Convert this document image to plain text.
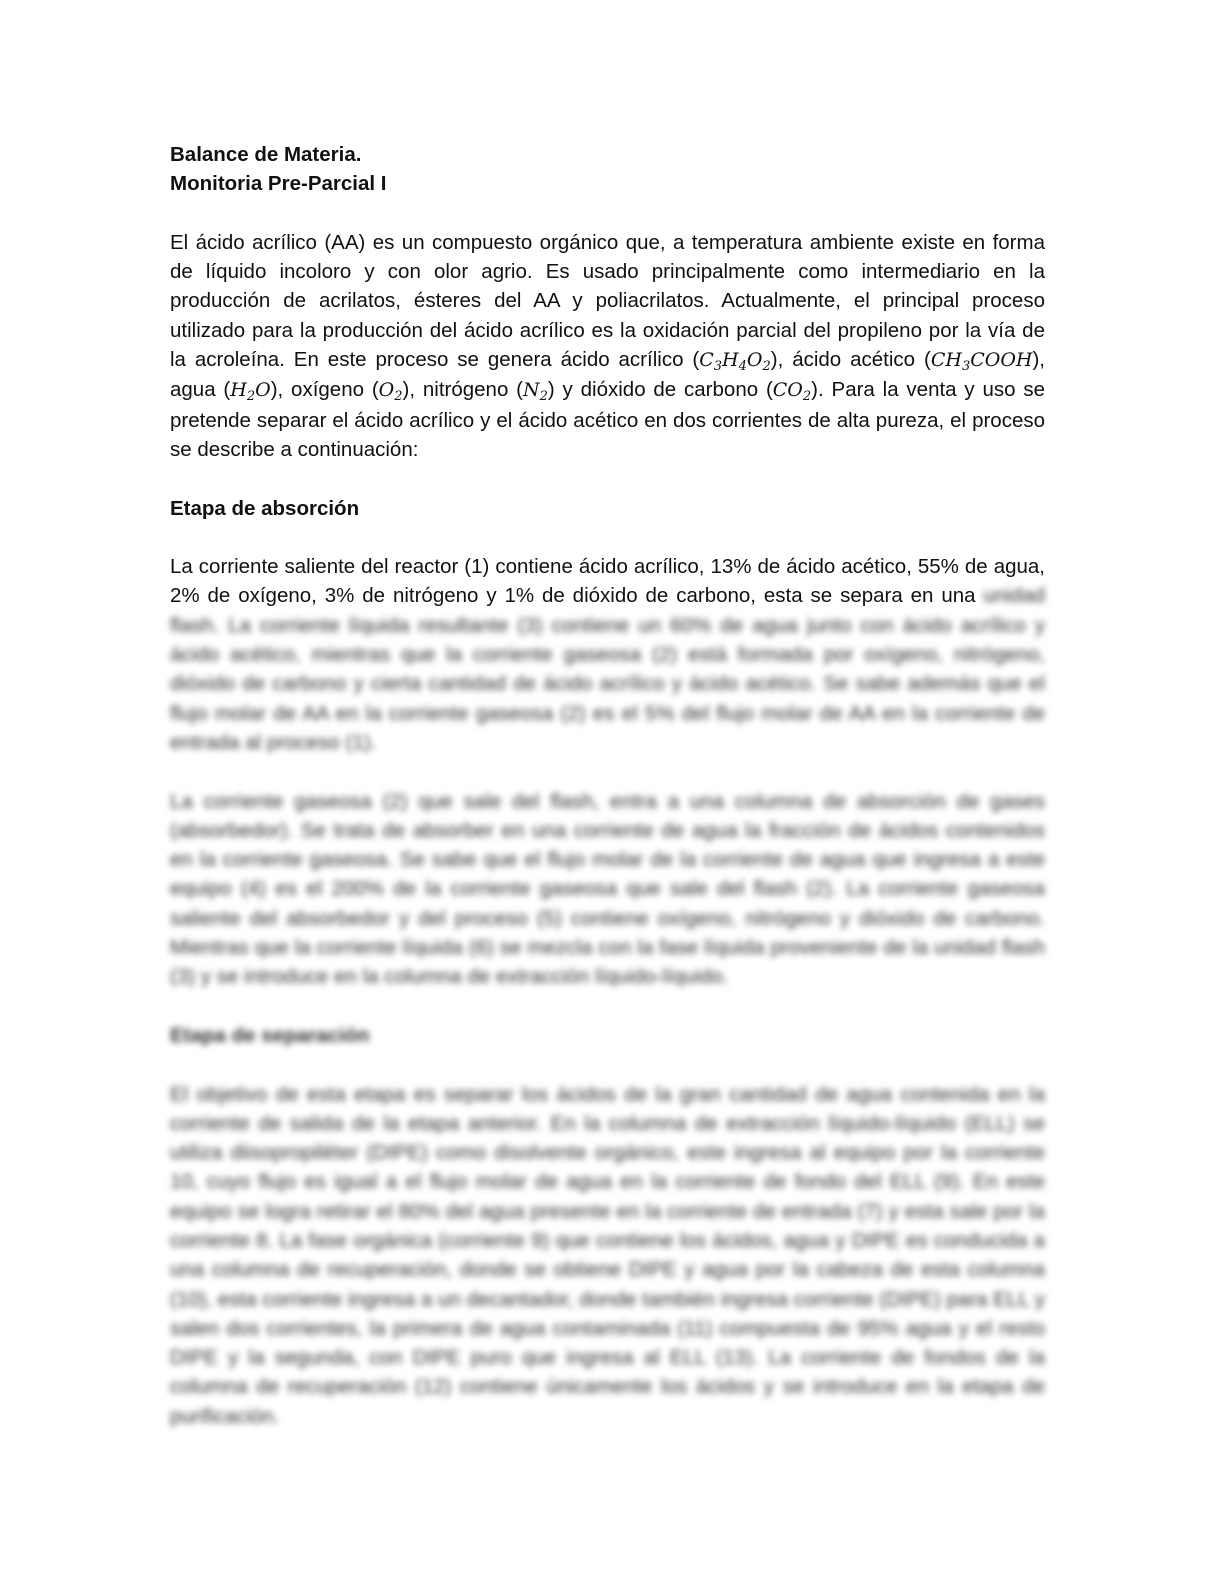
Balance de Materia.
Monitoria Pre-Parcial I

El ácido acrílico (AA) es un compuesto orgánico que, a temperatura ambiente existe en forma de líquido incoloro y con olor agrio. Es usado principalmente como intermediario en la producción de acrilatos, ésteres del AA y poliacrilatos. Actualmente, el principal proceso utilizado para la producción del ácido acrílico es la oxidación parcial del propileno por la vía de la acroleína. En este proceso se genera ácido acrílico $(C_3H_4O_2)$, ácido acético $(CH_3COOH)$, agua $(H_2O)$, oxígeno $(O_2)$, nitrógeno $(N_2)$ y dióxido de carbono $(CO_2)$. Para la venta y uso se pretende separar el ácido acrílico y el ácido acético en dos corrientes de alta pureza, el proceso se describe a continuación:

Etapa de absorción

La corriente saliente del reactor (1) contiene ácido acrílico, 13% de ácido acético, 55% de agua, 2% de oxígeno, 3% de nitrógeno y 1% de dióxido de carbono, esta se separa en una unidad flash. La corriente líquida resultante (3) contiene un 60% de agua junto con ácido acrílico y ácido acético, mientras que la corriente gaseosa (2) está formada por oxígeno, nitrógeno, dióxido de carbono y cierta cantidad de ácido acrílico y ácido acético. Se sabe además que el flujo molar de AA en la corriente gaseosa (2) es el 5% del flujo molar de AA en la corriente de entrada al proceso (1).

La corriente gaseosa (2) que sale del flash, entra a una columna de absorción de gases (absorbedor). Se trata de absorber en una corriente de agua la fracción de ácidos contenidos en la corriente gaseosa. Se sabe que el flujo molar de la corriente de agua que ingresa a este equipo (4) es el 200% de la corriente gaseosa que sale del flash (2). La corriente gaseosa saliente del absorbedor y del proceso (5) contiene oxígeno, nitrógeno y dióxido de carbono. Mientras que la corriente líquida (6) se mezcla con la fase líquida proveniente de la unidad flash (3) y se introduce en la columna de extracción líquido-líquido.

Etapa de separación

El objetivo de esta etapa es separar los ácidos de la gran cantidad de agua contenida en la corriente de salida de la etapa anterior. En la columna de extracción líquido-líquido (ELL) se utiliza diisopropiléter (DIPE) como disolvente orgánico, este ingresa al equipo por la corriente 10, cuyo flujo es igual a el flujo molar de agua en la corriente de fondo del ELL (9). En este equipo se logra retirar el 80% del agua presente en la corriente de entrada (7) y esta sale por la corriente 8. La fase orgánica (corriente 9) que contiene los ácidos, agua y DIPE es conducida a una columna de recuperación, donde se obtiene DIPE y agua por la cabeza de esta columna (10), esta corriente ingresa a un decantador, donde también ingresa corriente (DIPE) para ELL y salen dos corrientes, la primera de agua contaminada (11) compuesta de 95% agua y el resto DIPE y la segunda, con DIPE puro que ingresa al ELL (13). La corriente de fondos de la columna de recuperación (12) contiene únicamente los ácidos y se introduce en la etapa de purificación.
